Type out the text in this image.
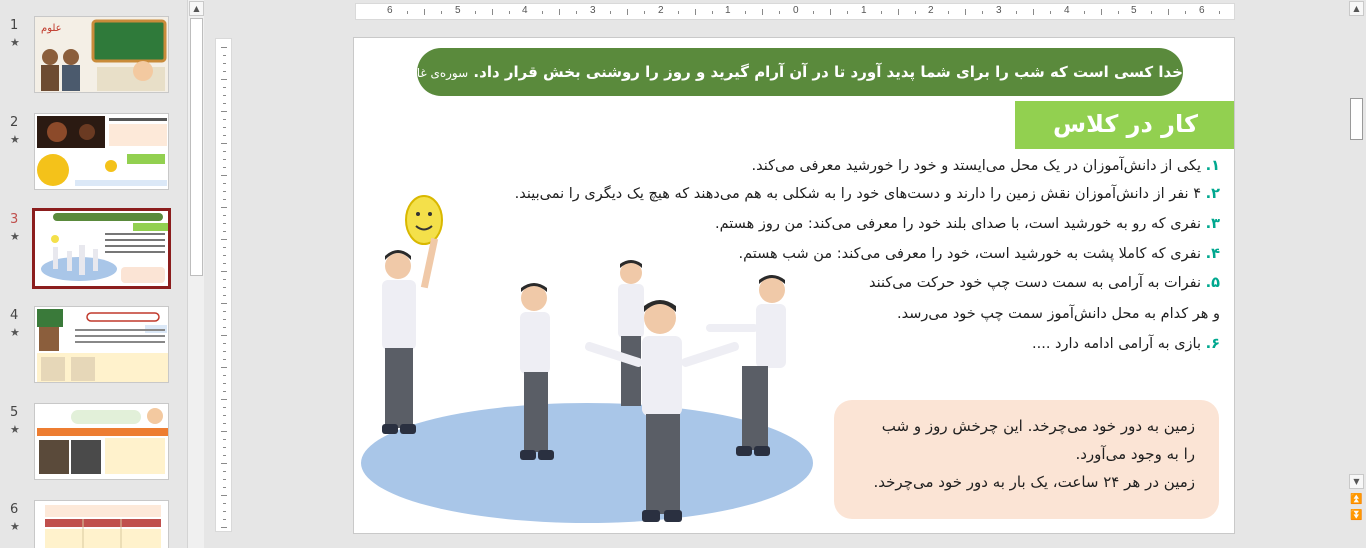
1
★
ﻋﻠﻮم
2
★
3
★
4
★
5
★
6
★
▲	6	5	4	3	2	1	0	1	2	3	4	5	6
خدا کسی است که شب را برای شما پدید آورد تا در آن آرام گیرید و روز را روشنی بخش قرار داد. سوره‌ی غافر، آیه‌ی ۶۱
کار در کلاس
۱. یکی از دانش‌آموزان در یک محل می‌ایستد و خود را خورشید معرفی می‌کند.
۲. ۴ نفر از دانش‌آموزان نقش زمین را دارند و دست‌های خود را به شکلی به هم می‌دهند که هیچ یک دیگری را نمی‌بیند.
۳. نفری که رو به خورشید است، با صدای بلند خود را معرفی می‌کند: من روز هستم.
۴. نفری که کاملا پشت به خورشید است، خود را معرفی می‌کند: من شب هستم.
۵. نفرات به آرامی به سمت دست چپ خود حرکت می‌کنند
و هر کدام به محل دانش‌آموز سمت چپ خود می‌رسد.
۶. بازی به آرامی ادامه دارد ....
زمین به دور خود می‌چرخد. این چرخش روز و شب
را به وجود می‌آورد.
زمین در هر ۲۴ ساعت، یک بار به دور خود می‌چرخد.
▲
▼
⏫
⏬
